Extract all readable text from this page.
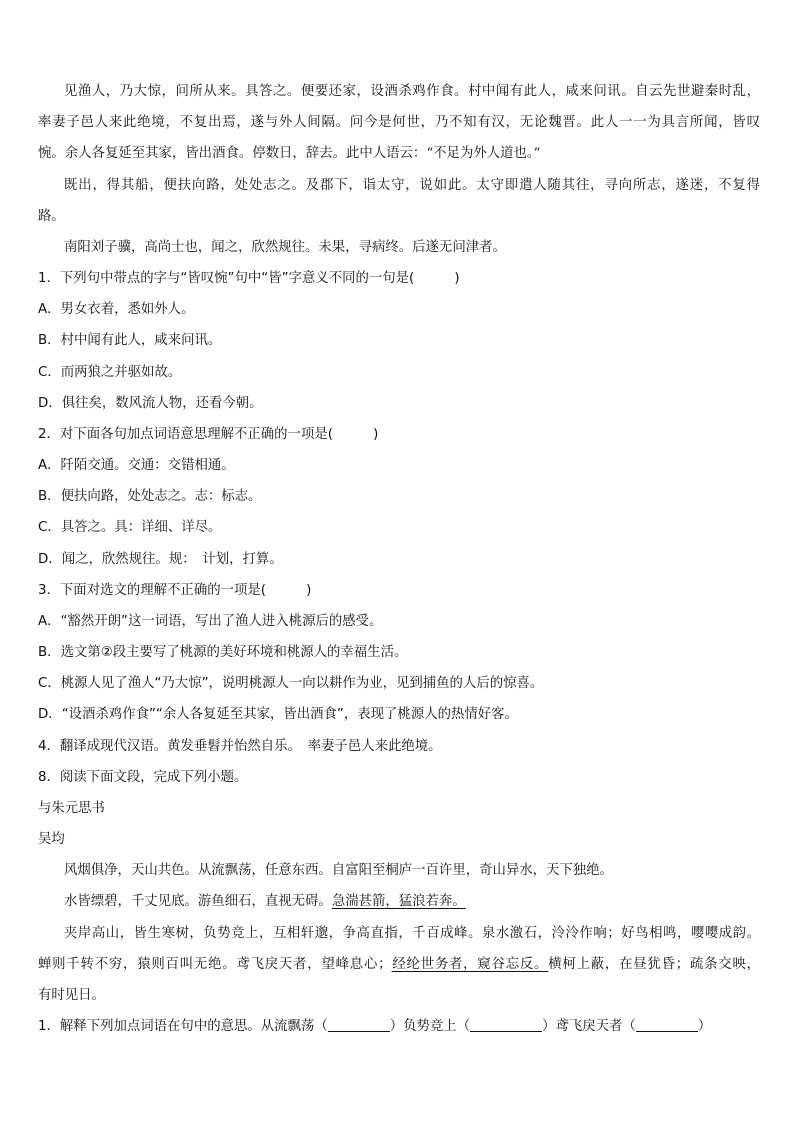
见渔人，乃大惊，问所从来。具答之。便要还家，设酒杀鸡作食。村中闻有此人，咸来问讯。自云先世避秦时乱，
率妻子邑人来此绝境，不复出焉，遂与外人间隔。问今是何世，乃不知有汉，无论魏晋。此人一一为具言所闻，皆叹
惋。余人各复延至其家，皆出酒食。停数日，辞去。此中人语云：“不足为外人道也。”
既出，得其船，便扶向路，处处志之。及郡下，诣太守，说如此。太守即遣人随其往，寻向所志，遂迷，不复得
路。
南阳刘子骥，高尚士也，闻之，欣然规往。未果，寻病终。后遂无问津者。
1．下列句中带点的字与“皆叹惋”句中“皆”字意义不同的一句是(　　　)
A．男女衣着，悉如外人。
B．村中闻有此人，咸来问讯。
C．而两狼之并驱如故。
D．俱往矣，数风流人物，还看今朝。
2．对下面各句加点词语意思理解不正确的一项是(　　　)
A．阡陌交通。交通：交错相通。
B．便扶向路，处处志之。志：标志。
C．具答之。具：详细、详尽。
D．闻之，欣然规往。规：　计划，打算。
3．下面对选文的理解不正确的一项是(　　　)
A．“豁然开朗”这一词语，写出了渔人进入桃源后的感受。
B．选文第②段主要写了桃源的美好环境和桃源人的幸福生活。
C．桃源人见了渔人“乃大惊”，说明桃源人一向以耕作为业，见到捕鱼的人后的惊喜。
D．“设酒杀鸡作食”“余人各复延至其家，皆出酒食”，表现了桃源人的热情好客。
4．翻译成现代汉语。黄发垂髫并怡然自乐。　率妻子邑人来此绝境。
8．阅读下面文段，完成下列小题。
与朱元思书
吴均
风烟俱净，天山共色。从流飘荡，任意东西。自富阳至桐庐一百许里，奇山异水，天下独绝。
水皆缥碧，千丈见底。游鱼细石，直视无碍。急湍甚箭，猛浪若奔。
夹岸高山，皆生寒树，负势竞上，互相轩邈，争高直指，千百成峰。泉水激石，泠泠作响；好鸟相鸣，嘤嘤成韵。
蝉则千转不穷，猿则百叫无绝。鸢飞戾天者，望峰息心；经纶世务者，窥谷忘反。横柯上蔽，在昼犹昏；疏条交映，
有时见日。
1．解释下列加点词语在句中的意思。从流飘荡（	）负势竞上（	）鸢飞戾天者（	）
